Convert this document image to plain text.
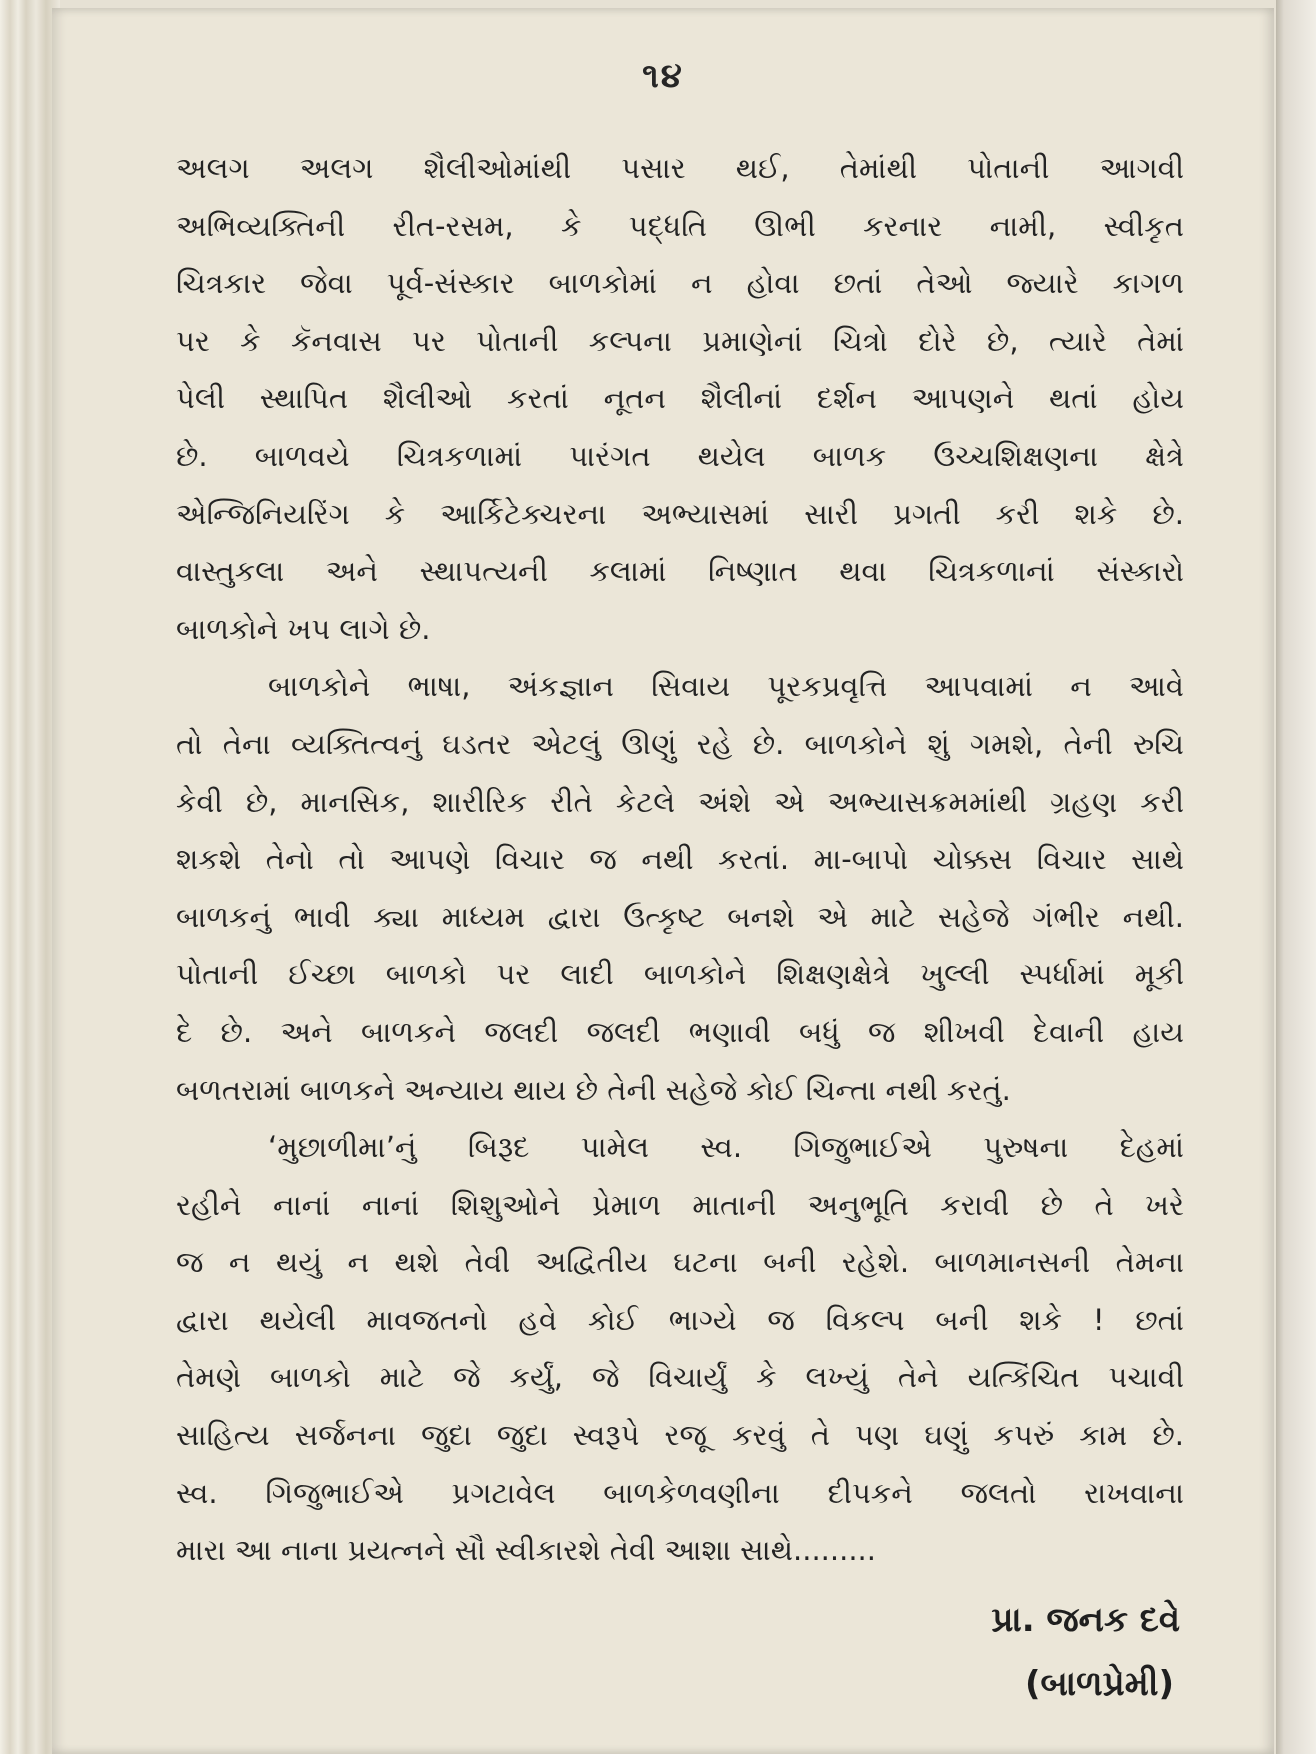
૧૪
અલગ અલગ શૈલીઓમાંથી પસાર થઈ, તેમાંથી પોતાની આગવી
અભિવ્યક્તિની રીત-રસમ, કે પદ્ધતિ ઊભી કરનાર નામી, સ્વીકૃત
ચિત્રકાર જેવા પૂર્વ-સંસ્કાર બાળકોમાં ન હોવા છતાં તેઓ જ્યારે કાગળ
પર કે કૅનવાસ પર પોતાની કલ્પના પ્રમાણેનાં ચિત્રો દોરે છે, ત્યારે તેમાં
પેલી સ્થાપિત શૈલીઓ કરતાં નૂતન શૈલીનાં દર્શન આપણને થતાં હોય
છે. બાળવયે ચિત્રકળામાં પારંગત થયેલ બાળક ઉચ્ચશિક્ષણના ક્ષેત્રે
એન્જિનિયરિંગ કે આર્કિટેક્ચરના અભ્યાસમાં સારી પ્રગતી કરી શકે છે.
વાસ્તુકલા અને સ્થાપત્યની કલામાં નિષ્ણાત થવા ચિત્રકળાનાં સંસ્કારો
બાળકોને ખપ લાગે છે.
બાળકોને ભાષા, અંકજ્ઞાન સિવાય પૂરકપ્રવૃત્તિ આપવામાં ન આવે
તો તેના વ્યક્તિત્વનું ઘડતર એટલું ઊણું રહે છે. બાળકોને શું ગમશે, તેની રુચિ
કેવી છે, માનસિક, શારીરિક રીતે કેટલે અંશે એ અભ્યાસક્રમમાંથી ગ્રહણ કરી
શકશે તેનો તો આપણે વિચાર જ નથી કરતાં. મા-બાપો ચોક્કસ વિચાર સાથે
બાળકનું ભાવી ક્યા માધ્યમ દ્વારા ઉત્કૃષ્ટ બનશે એ માટે સહેજે ગંભીર નથી.
પોતાની ઈચ્છા બાળકો પર લાદી બાળકોને શિક્ષણક્ષેત્રે ખુલ્લી સ્પર્ધામાં મૂકી
દે છે. અને બાળકને જલદી જલદી ભણાવી બધું જ શીખવી દેવાની હાય
બળતરામાં બાળકને અન્યાય થાય છે તેની સહેજે કોઈ ચિન્તા નથી કરતું.
‘મુછાળીમા’નું બિરૂદ પામેલ સ્વ. ગિજુભાઈએ પુરુષના દેહમાં
રહીને નાનાં નાનાં શિશુઓને પ્રેમાળ માતાની અનુભૂતિ કરાવી છે તે ખરે
જ ન થયું ન થશે તેવી અદ્વિતીય ઘટના બની રહેશે. બાળમાનસની તેમના
દ્વારા થયેલી માવજતનો હવે કોઈ ભાગ્યે જ વિકલ્પ બની શકે ! છતાં
તેમણે બાળકો માટે જે કર્યું, જે વિચાર્યું કે લખ્યું તેને યત્કિંચિત પચાવી
સાહિત્ય સર્જનના જુદા જુદા સ્વરૂપે રજૂ કરવું તે પણ ઘણું કપરું કામ છે.
સ્વ. ગિજુભાઈએ પ્રગટાવેલ બાળકેળવણીના દીપકને જલતો રાખવાના
મારા આ નાના પ્રયત્નને સૌ સ્વીકારશે તેવી આશા સાથે.........
પ્રા. જનક દવે
(બાળપ્રેમી)
